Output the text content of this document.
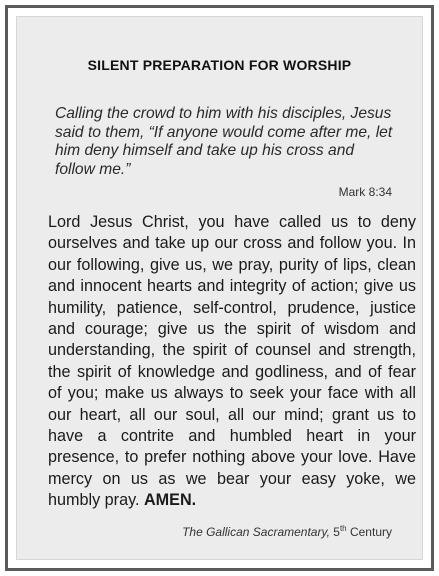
SILENT PREPARATION FOR WORSHIP
Calling the crowd to him with his disciples, Jesus said to them, “If anyone would come after me, let him deny himself and take up his cross and follow me.”
Mark 8:34
Lord Jesus Christ, you have called us to deny ourselves and take up our cross and follow you. In our following, give us, we pray, purity of lips, clean and innocent hearts and integrity of action; give us humility, patience, self-control, prudence, justice and courage; give us the spirit of wisdom and understanding, the spirit of counsel and strength, the spirit of knowledge and godliness, and of fear of you; make us always to seek your face with all our heart, all our soul, all our mind; grant us to have a contrite and humbled heart in your presence, to prefer nothing above your love. Have mercy on us as we bear your easy yoke, we humbly pray. AMEN.
The Gallican Sacramentary, 5th Century
